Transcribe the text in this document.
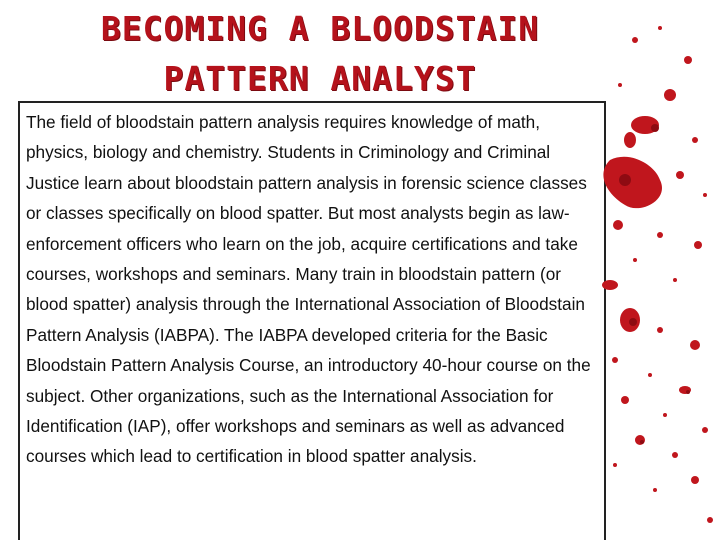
BECOMING A BLOODSTAIN
PATTERN ANALYST

The field of bloodstain pattern analysis requires knowledge of math, physics, biology and chemistry. Students in Criminology and Criminal Justice learn about bloodstain pattern analysis in forensic science classes or classes specifically on blood spatter. But most analysts begin as law-enforcement officers who learn on the job, acquire certifications and take courses, workshops and seminars. Many train in bloodstain pattern (or blood spatter) analysis through the International Association of Bloodstain Pattern Analysis (IABPA). The IABPA developed criteria for the Basic Bloodstain Pattern Analysis Course, an introductory 40-hour course on the subject. Other organizations, such as the International Association for Identification (IAP), offer workshops and seminars as well as advanced courses which lead to certification in blood spatter analysis.
